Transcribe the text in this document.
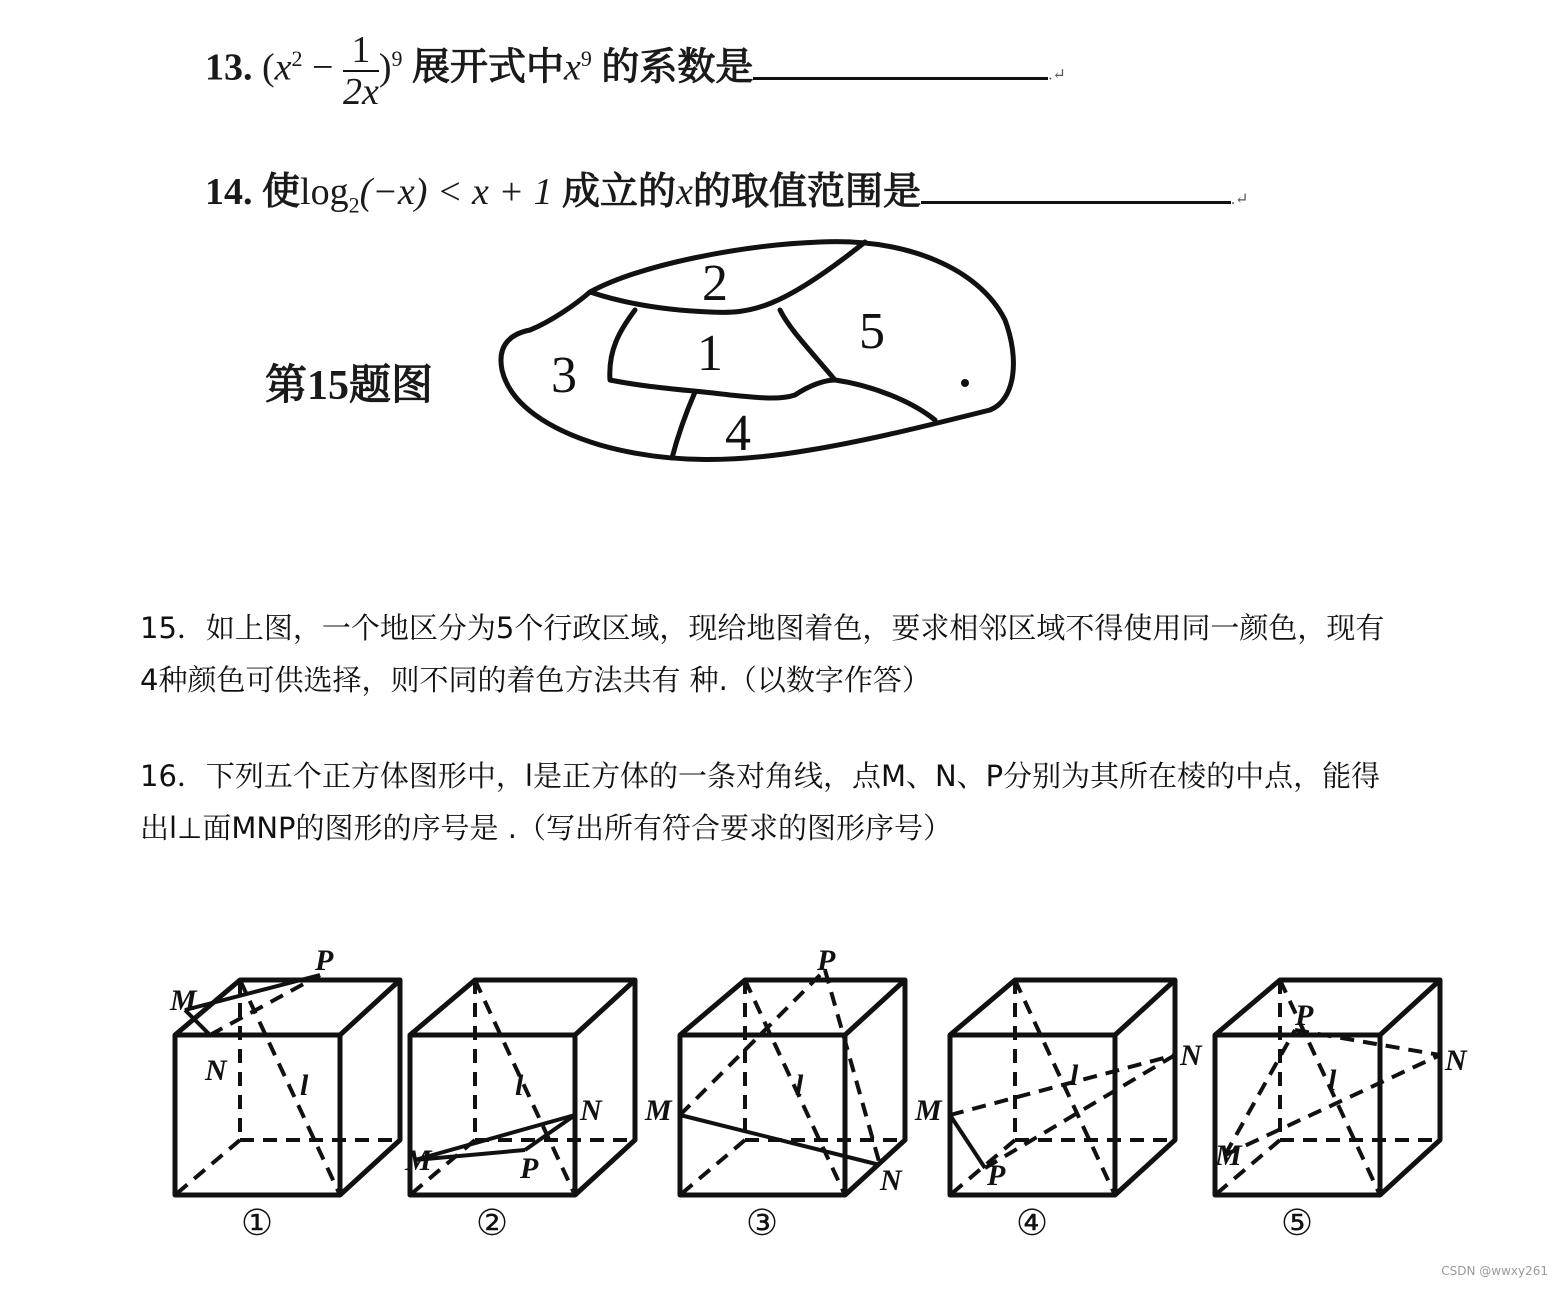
13. $(x^2 - \frac{1}{2x} )^9$ 展开式中$x^9$ 的系数是	.↵
14. 使$\log_2(-x) < x + 1$ 成立的x的取值范围是	.↵
第15题图
2
1	5
3
4
15．如上图，一个地区分为5个行政区域，现给地图着色，要求相邻区域不得使用同一颜色，现有
4种颜色可供选择，则不同的着色方法共有 种.（以数字作答）
16．下列五个正方体图形中，l是正方体的一条对角线，点M、N、P分别为其所在棱的中点，能得
出l⊥面MNP的图形的序号是 .（写出所有符合要求的图形序号）
M
N
P
l
①
M
N
P
l
②
M
N
P
l
③
M
N
P
l
④
M
N
P
l
⑤
CSDN @wwxy261
